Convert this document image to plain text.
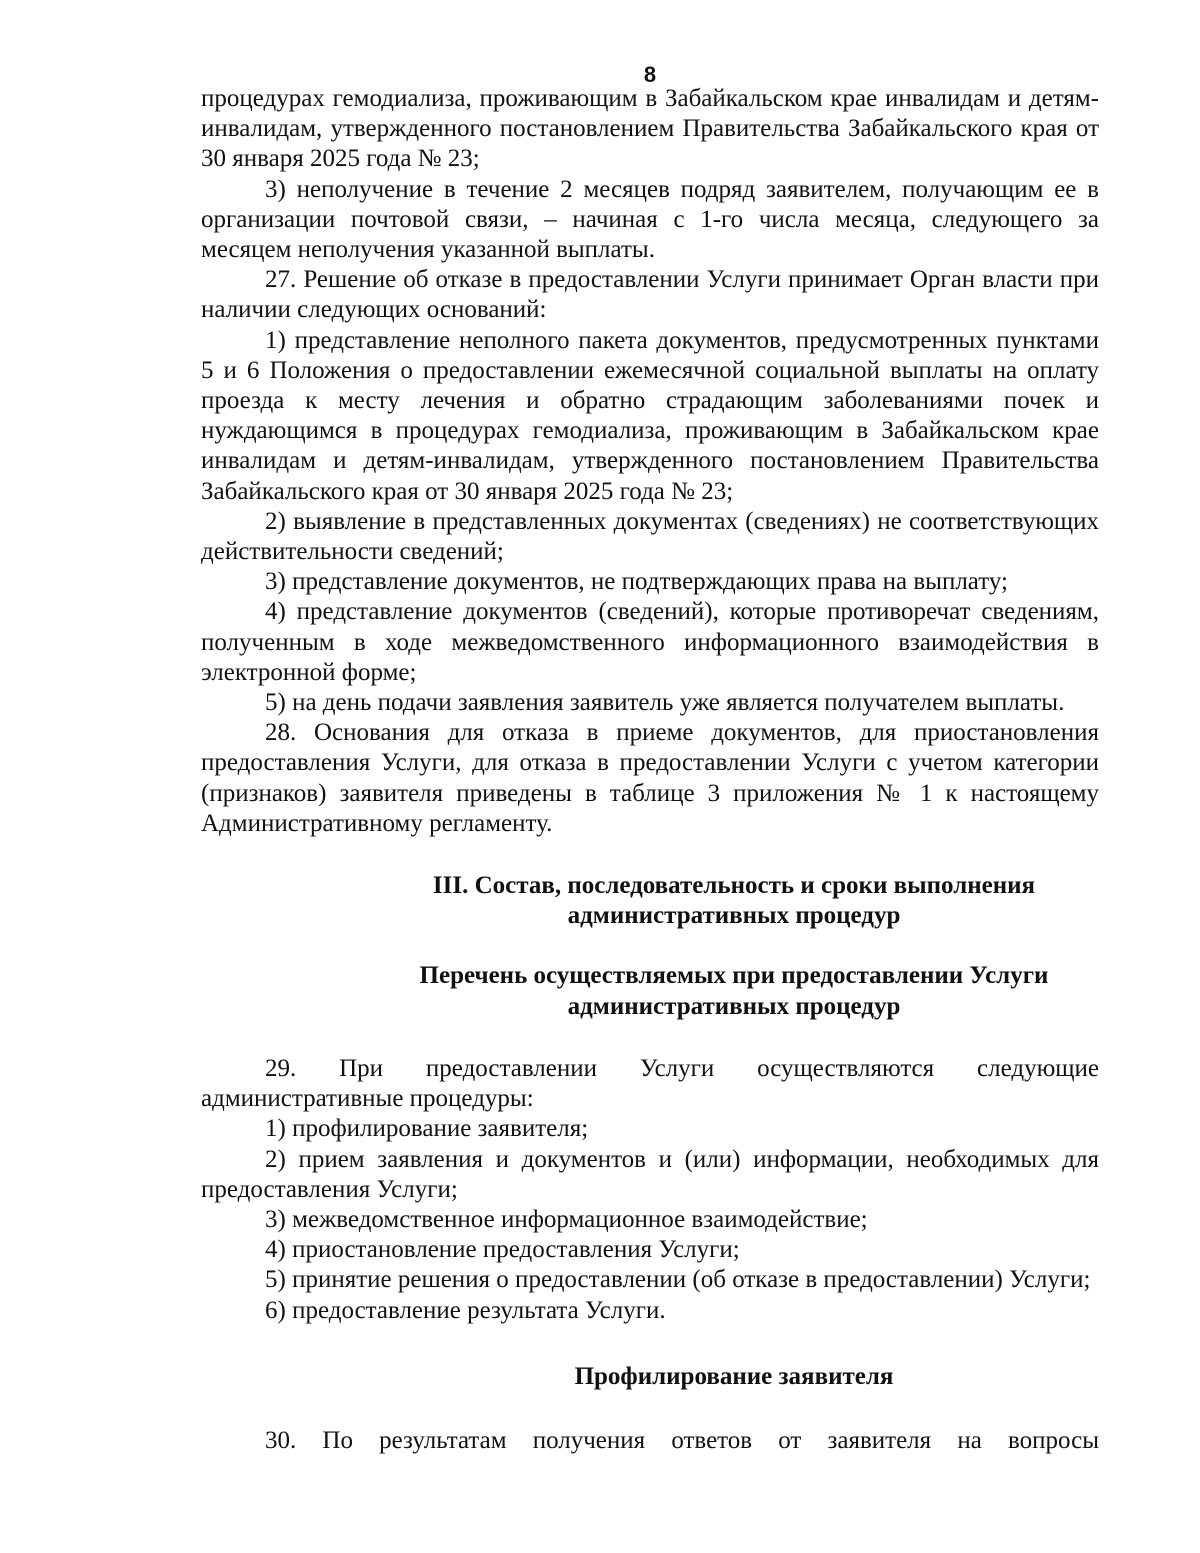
8

процедурах гемодиализа, проживающим в Забайкальском крае инвалидам и детям-инвалидам, утвержденного постановлением Правительства Забайкальского края от 30 января 2025 года № 23;

3) неполучение в течение 2 месяцев подряд заявителем, получающим ее в организации почтовой связи, – начиная с 1-го числа месяца, следующего за месяцем неполучения указанной выплаты.

27. Решение об отказе в предоставлении Услуги принимает Орган власти при наличии следующих оснований:

1) представление неполного пакета документов, предусмотренных пунктами 5 и 6 Положения о предоставлении ежемесячной социальной выплаты на оплату проезда к месту лечения и обратно страдающим заболеваниями почек и нуждающимся в процедурах гемодиализа, проживающим в Забайкальском крае инвалидам и детям-инвалидам, утвержденного постановлением Правительства Забайкальского края от 30 января 2025 года № 23;

2) выявление в представленных документах (сведениях) не соответствующих действительности сведений;

3) представление документов, не подтверждающих права на выплату;

4) представление документов (сведений), которые противоречат сведениям, полученным в ходе межведомственного информационного взаимодействия в электронной форме;

5) на день подачи заявления заявитель уже является получателем выплаты.

28. Основания для отказа в приеме документов, для приостановления предоставления Услуги, для отказа в предоставлении Услуги с учетом категории (признаков) заявителя приведены в таблице 3 приложения № 1 к настоящему Административному регламенту.

III. Состав, последовательность и сроки выполнения
административных процедур
Перечень осуществляемых при предоставлении Услуги
административных процедур

29. При предоставлении Услуги осуществляются следующие административные процедуры:

1) профилирование заявителя;

2) прием заявления и документов и (или) информации, необходимых для предоставления Услуги;

3) межведомственное информационное взаимодействие;

4) приостановление предоставления Услуги;

5) принятие решения о предоставлении (об отказе в предоставлении) Услуги;

6) предоставление результата Услуги.

Профилирование заявителя

30. По результатам получения ответов от заявителя на вопросы
